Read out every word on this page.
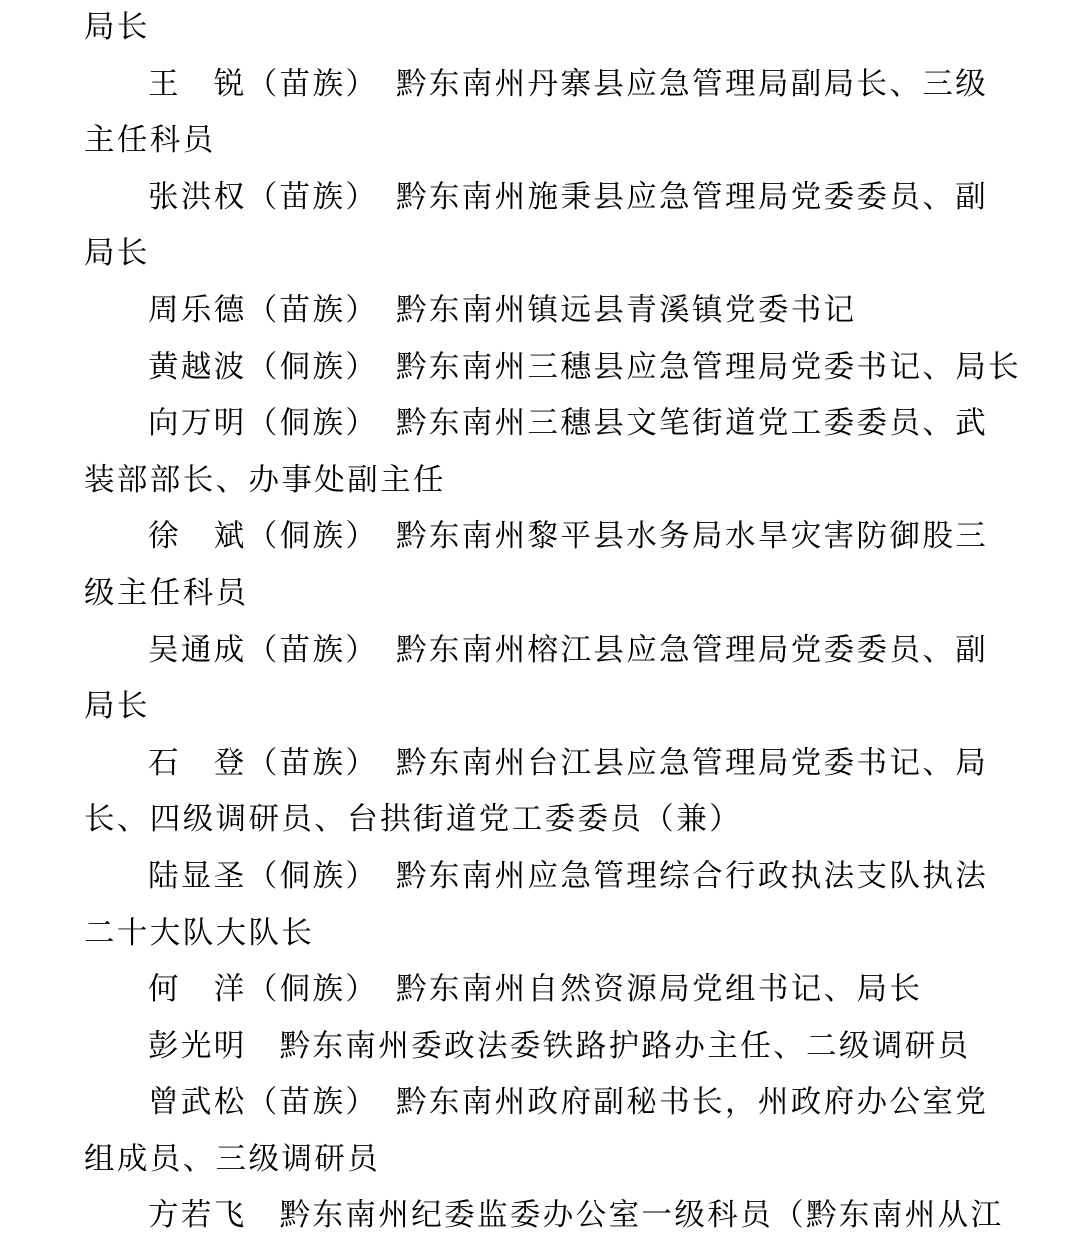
局长
王　锐（苗族）　黔东南州丹寨县应急管理局副局长、三级
主任科员
张洪权（苗族）　黔东南州施秉县应急管理局党委委员、副
局长
周乐德（苗族）　黔东南州镇远县青溪镇党委书记
黄越波（侗族）　黔东南州三穗县应急管理局党委书记、局长
向万明（侗族）　黔东南州三穗县文笔街道党工委委员、武
装部部长、办事处副主任
徐　斌（侗族）　黔东南州黎平县水务局水旱灾害防御股三
级主任科员
吴通成（苗族）　黔东南州榕江县应急管理局党委委员、副
局长
石　登（苗族）　黔东南州台江县应急管理局党委书记、局
长、四级调研员、台拱街道党工委委员（兼）
陆显圣（侗族）　黔东南州应急管理综合行政执法支队执法
二十大队大队长
何　洋（侗族）　黔东南州自然资源局党组书记、局长
彭光明　黔东南州委政法委铁路护路办主任、二级调研员
曾武松（苗族）　黔东南州政府副秘书长，州政府办公室党
组成员、三级调研员
方若飞　黔东南州纪委监委办公室一级科员（黔东南州从江
